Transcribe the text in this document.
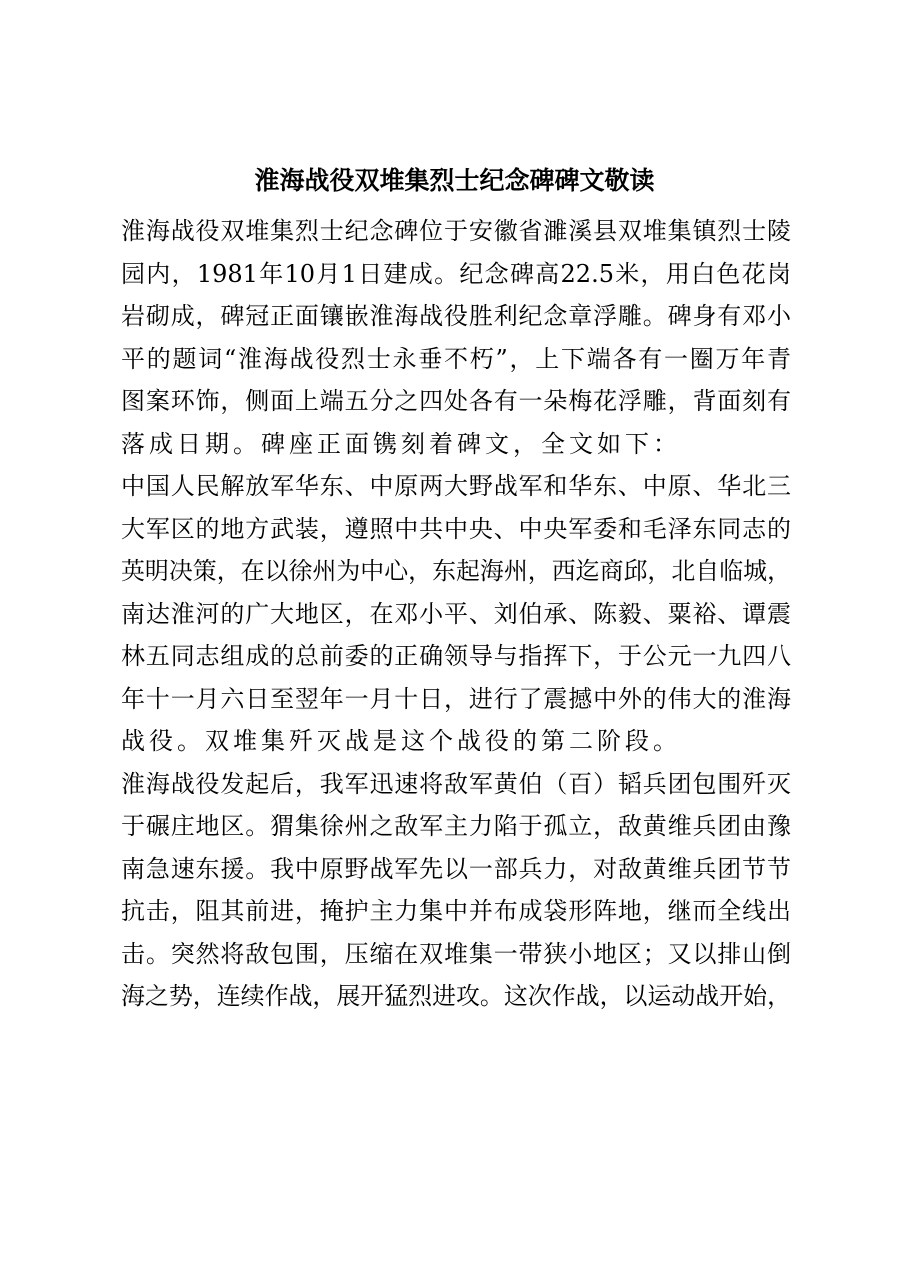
淮海战役双堆集烈士纪念碑碑文敬读
淮海战役双堆集烈士纪念碑位于安徽省濉溪县双堆集镇烈士陵
园内，1981年10月1日建成。纪念碑高22.5米，用白色花岗
岩砌成，碑冠正面镶嵌淮海战役胜利纪念章浮雕。碑身有邓小
平的题词“淮海战役烈士永垂不朽”，上下端各有一圈万年青
图案环饰，侧面上端五分之四处各有一朵梅花浮雕，背面刻有
落成日期。碑座正面镌刻着碑文，全文如下：
中国人民解放军华东、中原两大野战军和华东、中原、华北三
大军区的地方武装，遵照中共中央、中央军委和毛泽东同志的
英明决策，在以徐州为中心，东起海州，西迄商邱，北自临城，
南达淮河的广大地区，在邓小平、刘伯承、陈毅、粟裕、谭震
林五同志组成的总前委的正确领导与指挥下，于公元一九四八
年十一月六日至翌年一月十日，进行了震撼中外的伟大的淮海
战役。双堆集歼灭战是这个战役的第二阶段。
淮海战役发起后，我军迅速将敌军黄伯（百）韬兵团包围歼灭
于碾庄地区。猬集徐州之敌军主力陷于孤立，敌黄维兵团由豫
南急速东援。我中原野战军先以一部兵力，对敌黄维兵团节节
抗击，阻其前进，掩护主力集中并布成袋形阵地，继而全线出
击。突然将敌包围，压缩在双堆集一带狭小地区；又以排山倒
海之势，连续作战，展开猛烈进攻。这次作战，以运动战开始，
